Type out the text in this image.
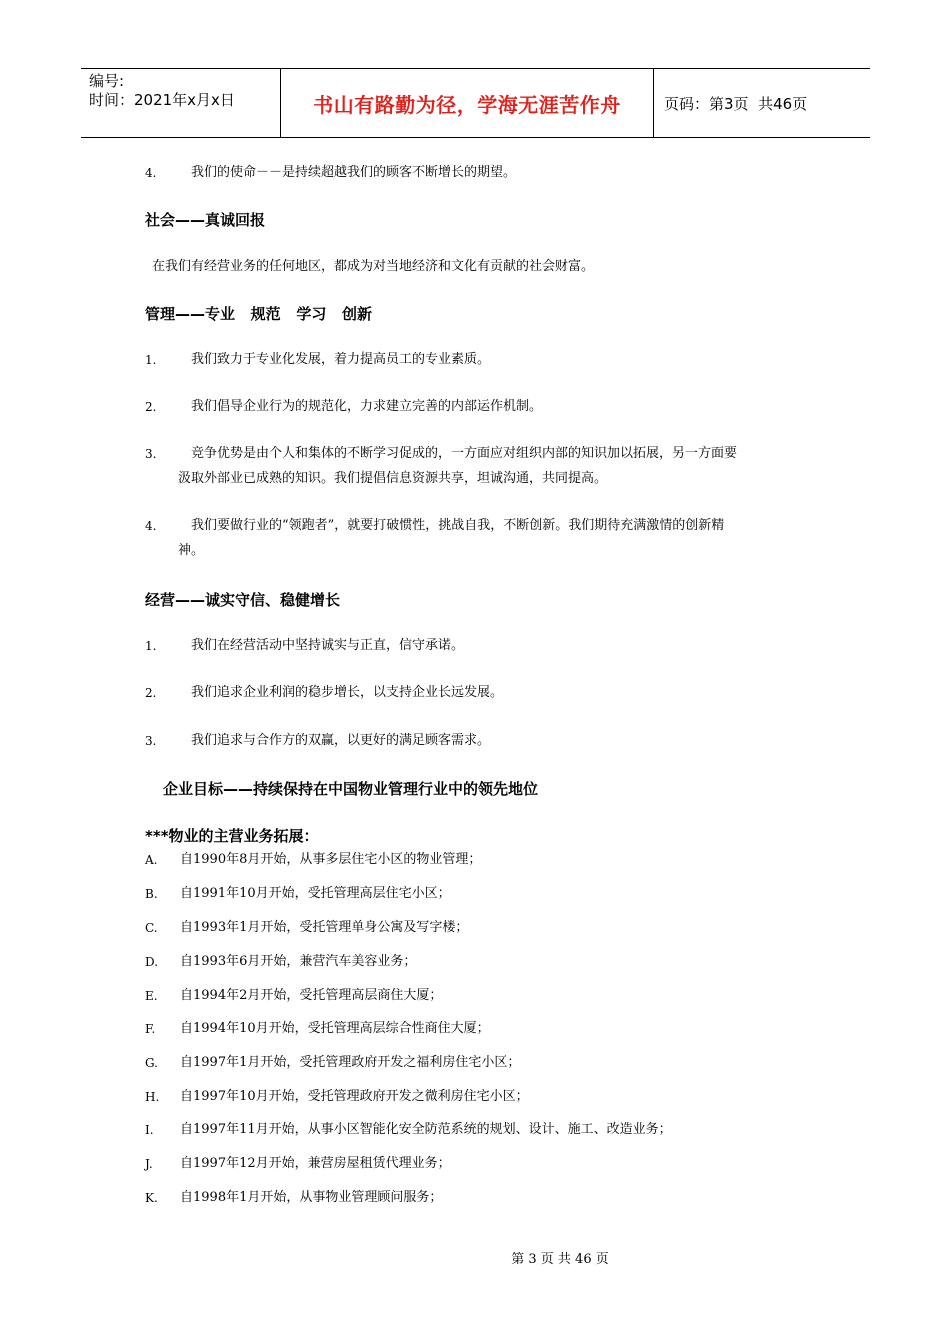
编号:
时间：2021年x月x日	书山有路勤为径，学海无涯苦作舟	页码：第3页  共46页
4.	我们的使命－－是持续超越我们的顾客不断增长的期望。
社会——真诚回报
在我们有经营业务的任何地区，都成为对当地经济和文化有贡献的社会财富。
管理——专业   规范   学习   创新
1.	我们致力于专业化发展，着力提高员工的专业素质。
2.	我们倡导企业行为的规范化，力求建立完善的内部运作机制。
3.	竞争优势是由个人和集体的不断学习促成的，一方面应对组织内部的知识加以拓展，另一方面要
汲取外部业已成熟的知识。我们提倡信息资源共享，坦诚沟通，共同提高。
4.	我们要做行业的“领跑者”，就要打破惯性，挑战自我，不断创新。我们期待充满激情的创新精
神。
经营——诚实守信、稳健增长
1.	我们在经营活动中坚持诚实与正直，信守承诺。
2.	我们追求企业利润的稳步增长，以支持企业长远发展。
3.	我们追求与合作方的双赢，以更好的满足顾客需求。
企业目标——持续保持在中国物业管理行业中的领先地位
***物业的主营业务拓展：
A. 自1990年8月开始，从事多层住宅小区的物业管理；
B. 自1991年10月开始，受托管理高层住宅小区；
C. 自1993年1月开始，受托管理单身公寓及写字楼；
D. 自1993年6月开始，兼营汽车美容业务；
E. 自1994年2月开始，受托管理高层商住大厦；
F. 自1994年10月开始，受托管理高层综合性商住大厦；
G. 自1997年1月开始，受托管理政府开发之福利房住宅小区；
H. 自1997年10月开始，受托管理政府开发之微利房住宅小区；
I. 自1997年11月开始，从事小区智能化安全防范系统的规划、设计、施工、改造业务；
J. 自1997年12月开始，兼营房屋租赁代理业务；
K. 自1998年1月开始，从事物业管理顾问服务；
第 3 页 共 46 页
